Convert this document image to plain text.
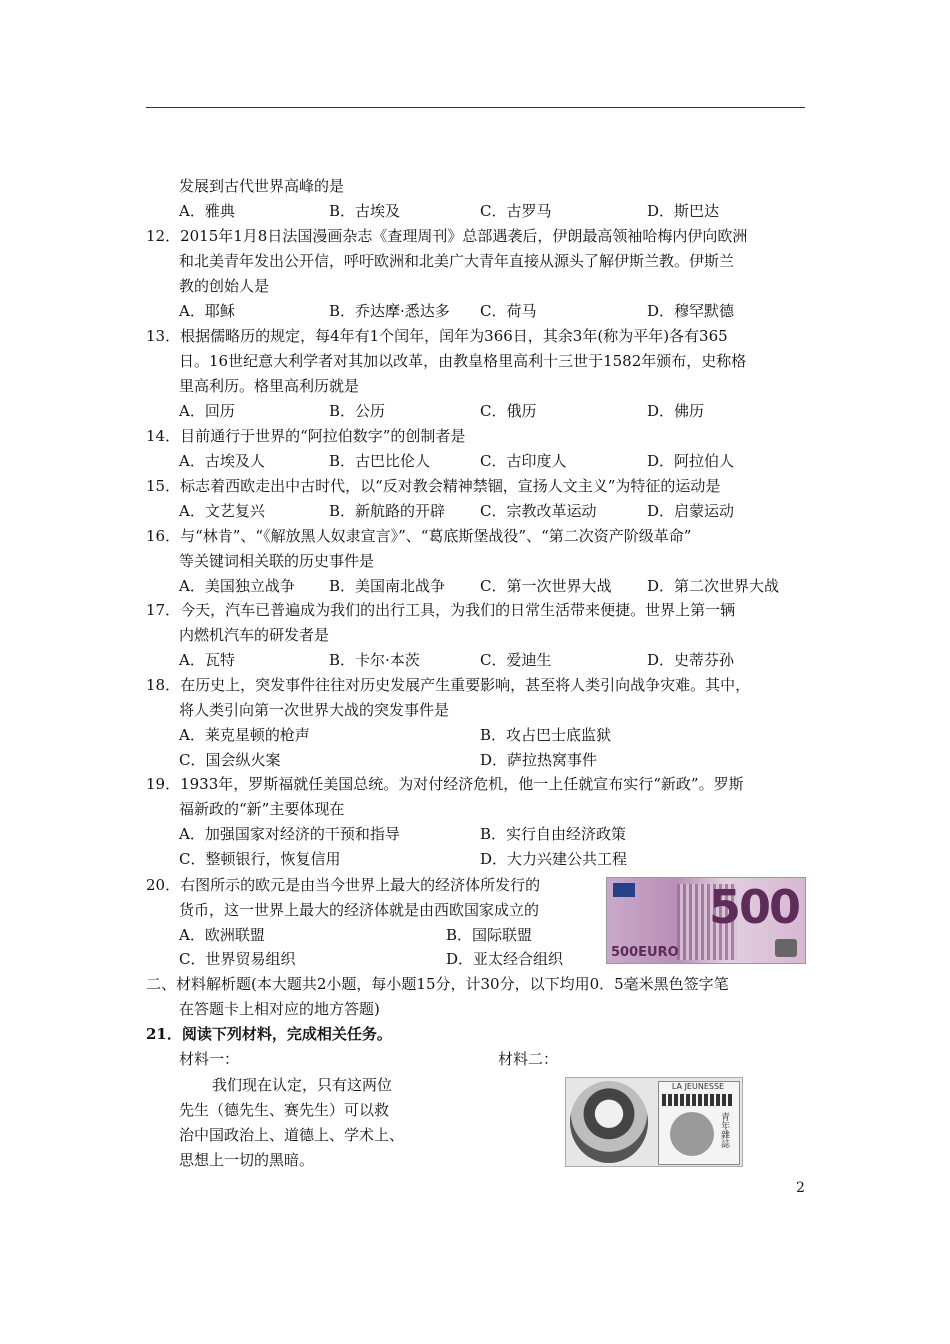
发展到古代世界高峰的是
A．雅典	B．古埃及	C．古罗马	D．斯巴达
12．2015年1月8日法国漫画杂志《查理周刊》总部遇袭后，伊朗最高领袖哈梅内伊向欧洲
和北美青年发出公开信，呼吁欧洲和北美广大青年直接从源头了解伊斯兰教。伊斯兰
教的创始人是
A．耶稣	B．乔达摩·悉达多 C．荷马	D．穆罕默德
13．根据儒略历的规定，每4年有1个闰年，闰年为366日，其余3年(称为平年)各有365
日。16世纪意大利学者对其加以改革，由教皇格里高利十三世于1582年颁布，史称格
里高利历。格里高利历就是
A．回历	B．公历	C．俄历	D．佛历
14．目前通行于世界的“阿拉伯数字”的创制者是
A．古埃及人	B．古巴比伦人	C．古印度人	D．阿拉伯人
15．标志着西欧走出中古时代，以“反对教会精神禁锢，宣扬人文主义”为特征的运动是
A．文艺复兴	B．新航路的开辟 C．宗教改革运动	D．启蒙运动
16．与“林肯”、“《解放黑人奴隶宣言》”、“葛底斯堡战役”、“第二次资产阶级革命”
等关键词相关联的历史事件是
A．美国独立战争 B．美国南北战争 C．第一次世界大战 D．第二次世界大战
17．今天，汽车已普遍成为我们的出行工具，为我们的日常生活带来便捷。世界上第一辆
内燃机汽车的研发者是
A．瓦特	B．卡尔·本茨	C．爱迪生	D．史蒂芬孙
18．在历史上，突发事件往往对历史发展产生重要影响，甚至将人类引向战争灾难。其中，
将人类引向第一次世界大战的突发事件是
A．莱克星顿的枪声	B．攻占巴士底监狱
C．国会纵火案	D．萨拉热窝事件
19．1933年，罗斯福就任美国总统。为对付经济危机，他一上任就宣布实行“新政”。罗斯
福新政的“新”主要体现在
A．加强国家对经济的干预和指导	B．实行自由经济政策
C．整顿银行，恢复信用	D．大力兴建公共工程
20．右图所示的欧元是由当今世界上最大的经济体所发行的
货币，这一世界上最大的经济体就是由西欧国家成立的
A．欧洲联盟	B．国际联盟
C．世界贸易组织	D．亚太经合组织
500
500EURO
二、材料解析题(本大题共2小题，每小题15分，计30分，以下均用0．5毫米黑色签字笔
在答题卡上相对应的地方答题)
21．阅读下列材料，完成相关任务。
材料一：	材料二：
我们现在认定，只有这两位
先生（德先生、赛先生）可以救
治中国政治上、道德上、学术上、
思想上一切的黑暗。
LA JEUNESSE
青年雜誌
2
